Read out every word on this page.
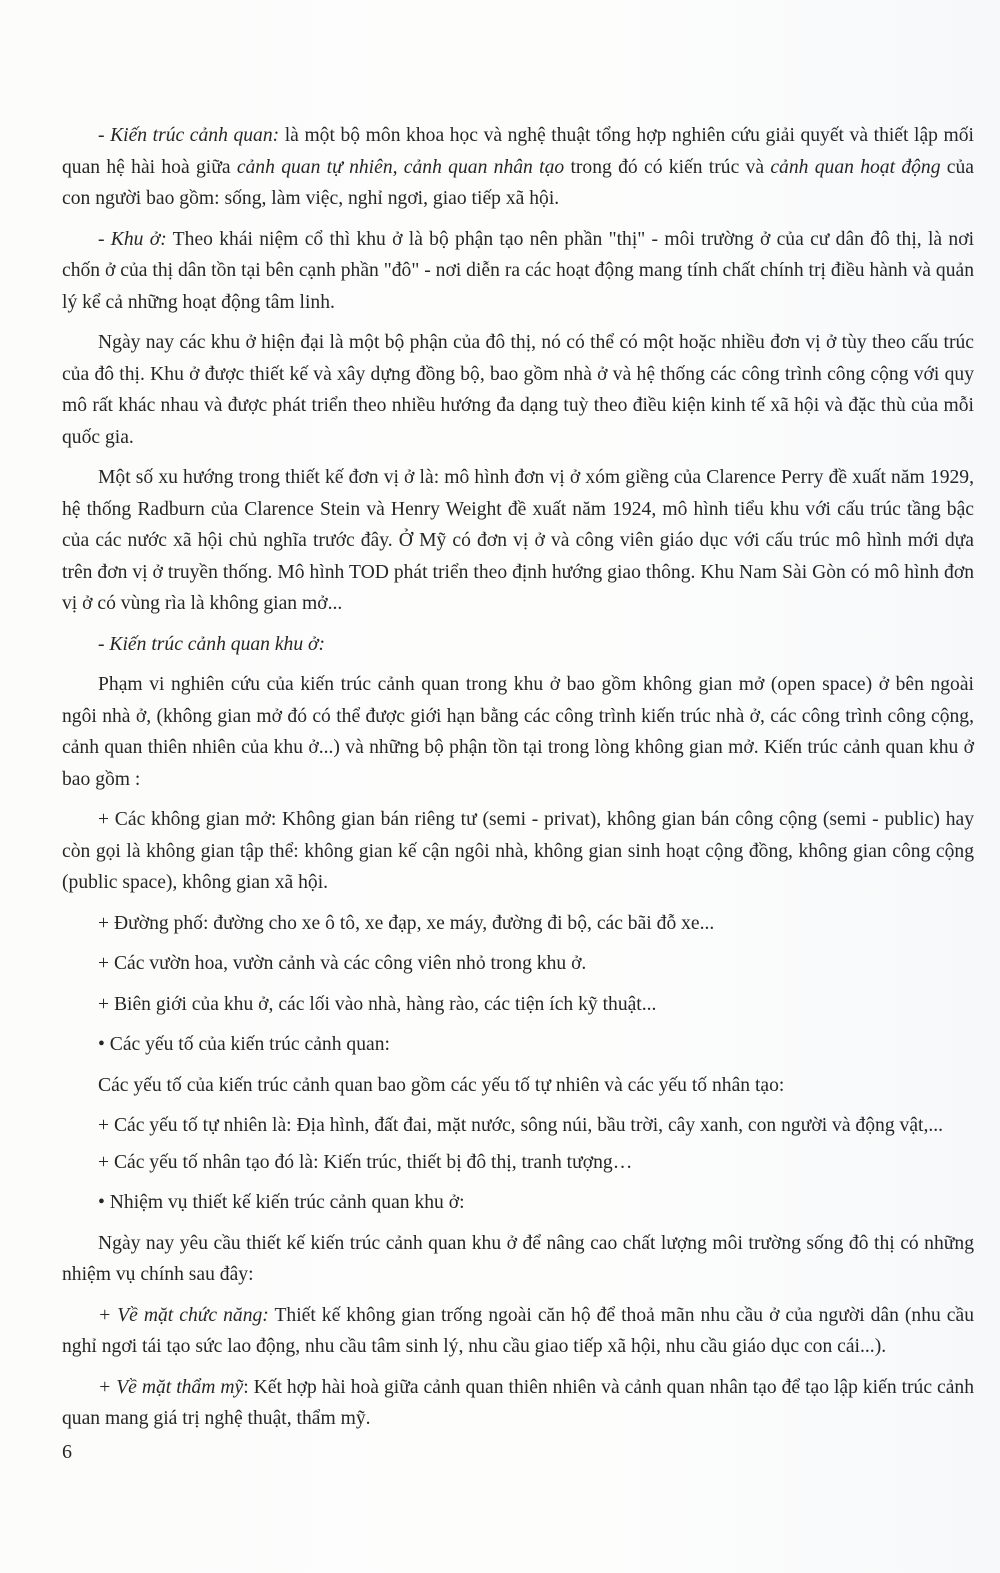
- Kiến trúc cảnh quan: là một bộ môn khoa học và nghệ thuật tổng hợp nghiên cứu giải quyết và thiết lập mối quan hệ hài hoà giữa cảnh quan tự nhiên, cảnh quan nhân tạo trong đó có kiến trúc và cảnh quan hoạt động của con người bao gồm: sống, làm việc, nghỉ ngơi, giao tiếp xã hội.

- Khu ở: Theo khái niệm cổ thì khu ở là bộ phận tạo nên phần "thị" - môi trường ở của cư dân đô thị, là nơi chốn ở của thị dân tồn tại bên cạnh phần "đô" - nơi diễn ra các hoạt động mang tính chất chính trị điều hành và quản lý kể cả những hoạt động tâm linh.

Ngày nay các khu ở hiện đại là một bộ phận của đô thị, nó có thể có một hoặc nhiều đơn vị ở tùy theo cấu trúc của đô thị. Khu ở được thiết kế và xây dựng đồng bộ, bao gồm nhà ở và hệ thống các công trình công cộng với quy mô rất khác nhau và được phát triển theo nhiều hướng đa dạng tuỳ theo điều kiện kinh tế xã hội và đặc thù của mỗi quốc gia.

Một số xu hướng trong thiết kế đơn vị ở là: mô hình đơn vị ở xóm giềng của Clarence Perry đề xuất năm 1929, hệ thống Radburn của Clarence Stein và Henry Weight đề xuất năm 1924, mô hình tiểu khu với cấu trúc tầng bậc của các nước xã hội chủ nghĩa trước đây. Ở Mỹ có đơn vị ở và công viên giáo dục với cấu trúc mô hình mới dựa trên đơn vị ở truyền thống. Mô hình TOD phát triển theo định hướng giao thông. Khu Nam Sài Gòn có mô hình đơn vị ở có vùng rìa là không gian mở...

- Kiến trúc cảnh quan khu ở:

Phạm vi nghiên cứu của kiến trúc cảnh quan trong khu ở bao gồm không gian mở (open space) ở bên ngoài ngôi nhà ở, (không gian mở đó có thể được giới hạn bằng các công trình kiến trúc nhà ở, các công trình công cộng, cảnh quan thiên nhiên của khu ở...) và những bộ phận tồn tại trong lòng không gian mở. Kiến trúc cảnh quan khu ở bao gồm :

+ Các không gian mở: Không gian bán riêng tư (semi - privat), không gian bán công cộng (semi - public) hay còn gọi là không gian tập thể: không gian kế cận ngôi nhà, không gian sinh hoạt cộng đồng, không gian công cộng (public space), không gian xã hội.

+ Đường phố: đường cho xe ô tô, xe đạp, xe máy, đường đi bộ, các bãi đỗ xe...

+ Các vườn hoa, vườn cảnh và các công viên nhỏ trong khu ở.

+ Biên giới của khu ở, các lối vào nhà, hàng rào, các tiện ích kỹ thuật...

• Các yếu tố của kiến trúc cảnh quan:

Các yếu tố của kiến trúc cảnh quan bao gồm các yếu tố tự nhiên và các yếu tố nhân tạo:

+ Các yếu tố tự nhiên là: Địa hình, đất đai, mặt nước, sông núi, bầu trời, cây xanh, con người và động vật,...

+ Các yếu tố nhân tạo đó là: Kiến trúc, thiết bị đô thị, tranh tượng…

• Nhiệm vụ thiết kế kiến trúc cảnh quan khu ở:

Ngày nay yêu cầu thiết kế kiến trúc cảnh quan khu ở để nâng cao chất lượng môi trường sống đô thị có những nhiệm vụ chính sau đây:

+ Về mặt chức năng: Thiết kế không gian trống ngoài căn hộ để thoả mãn nhu cầu ở của người dân (nhu cầu nghỉ ngơi tái tạo sức lao động, nhu cầu tâm sinh lý, nhu cầu giao tiếp xã hội, nhu cầu giáo dục con cái...).

+ Về mặt thẩm mỹ: Kết hợp hài hoà giữa cảnh quan thiên nhiên và cảnh quan nhân tạo để tạo lập kiến trúc cảnh quan mang giá trị nghệ thuật, thẩm mỹ.

6
